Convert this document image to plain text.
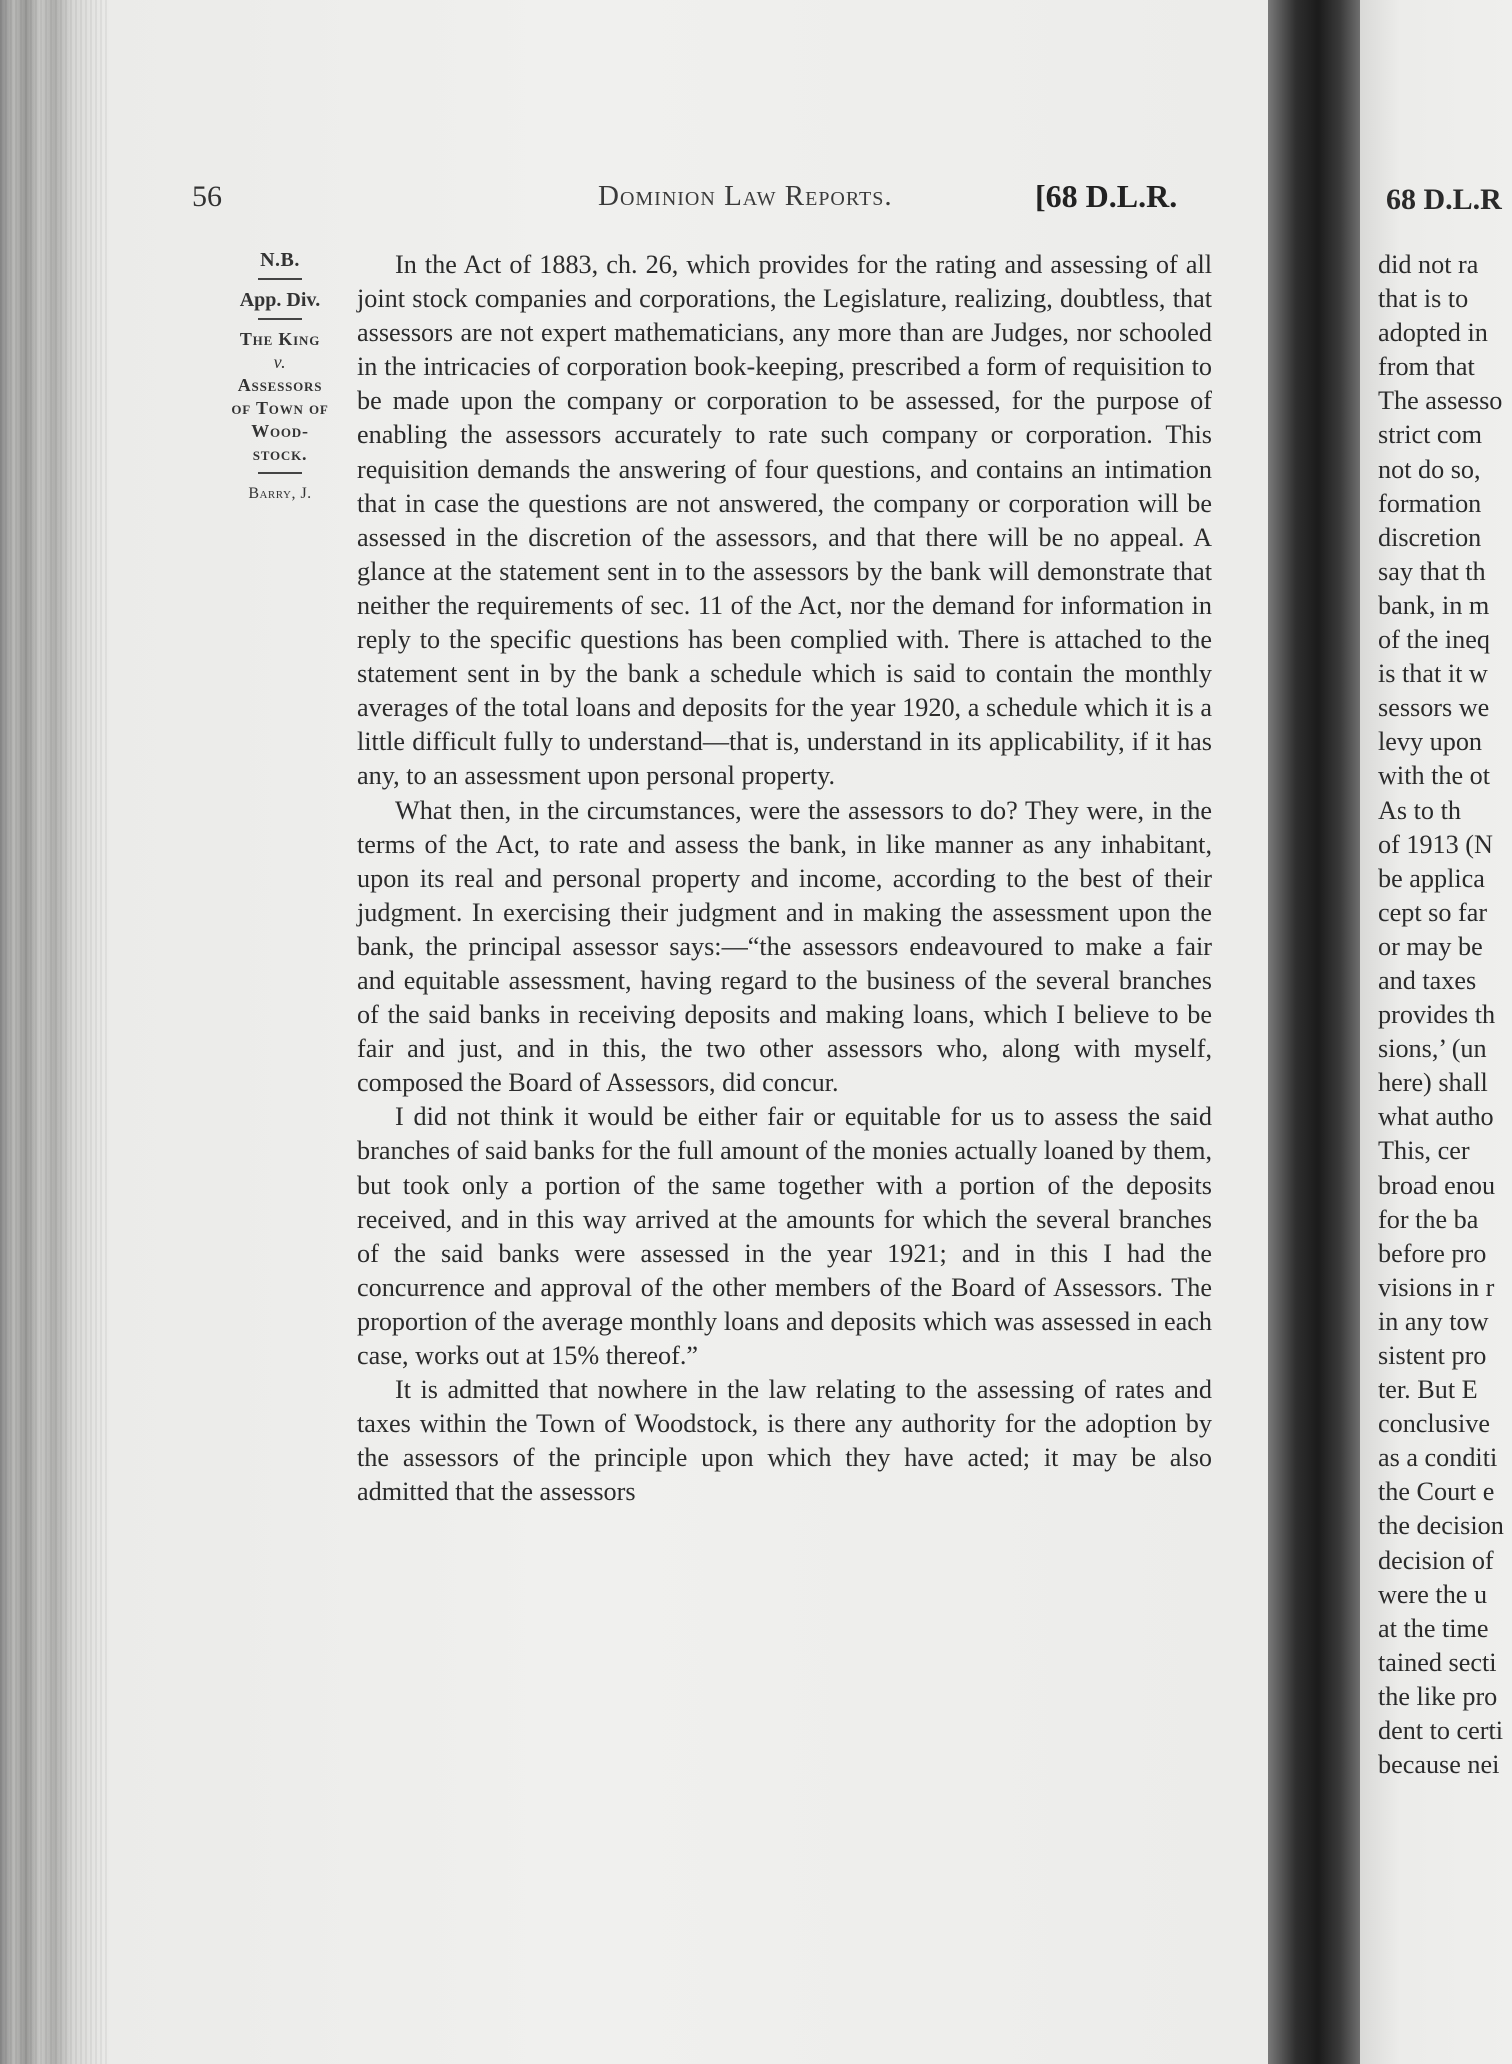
68 D.L.R
did not ra
that is to
adopted in
from that
The assesso
strict com
not do so,
formation
discretion
say that th
bank, in m
of the ineq
is that it w
sessors we
levy upon
with the ot
As to th
of 1913 (N
be applica
cept so far
or may be
and taxes
provides th
sions,’ (un
here) shall
what autho
This, cer
broad enou
for the ba
before pro
visions in r
in any tow
sistent pro
ter. But E
conclusive
as a conditi
the Court e
the decision
decision of
were the u
at the time
tained secti
the like pro
dent to certi
because nei
56	Dominion Law Reports.	[68 D.L.R.
N.B.
App. Div.
The King
v.
Assessors
of Town of
Wood-
stock.
Barry, J.

In the Act of 1883, ch. 26, which provides for the rating and assessing of all joint stock companies and corporations, the Legislature, realizing, doubtless, that assessors are not expert mathematicians, any more than are Judges, nor schooled in the intricacies of corporation book-keeping, prescribed a form of requisition to be made upon the company or corporation to be assessed, for the purpose of enabling the assessors accurately to rate such company or corporation. This requisition demands the answering of four questions, and contains an intimation that in case the questions are not answered, the company or corporation will be assessed in the discretion of the assessors, and that there will be no appeal. A glance at the statement sent in to the assessors by the bank will demonstrate that neither the requirements of sec. 11 of the Act, nor the demand for information in reply to the specific questions has been complied with. There is attached to the statement sent in by the bank a schedule which is said to contain the monthly averages of the total loans and deposits for the year 1920, a schedule which it is a little difficult fully to understand—that is, understand in its applicability, if it has any, to an assessment upon personal property.

What then, in the circumstances, were the assessors to do? They were, in the terms of the Act, to rate and assess the bank, in like manner as any inhabitant, upon its real and personal property and income, according to the best of their judgment. In exercising their judgment and in making the assessment upon the bank, the principal assessor says:—“the assessors endeavoured to make a fair and equitable assessment, having regard to the business of the several branches of the said banks in receiving deposits and making loans, which I believe to be fair and just, and in this, the two other assessors who, along with myself, composed the Board of Assessors, did concur.

I did not think it would be either fair or equitable for us to assess the said branches of said banks for the full amount of the monies actually loaned by them, but took only a portion of the same together with a portion of the deposits received, and in this way arrived at the amounts for which the several branches of the said banks were assessed in the year 1921; and in this I had the concurrence and approval of the other members of the Board of Assessors. The proportion of the average monthly loans and deposits which was assessed in each case, works out at 15% thereof.”

It is admitted that nowhere in the law relating to the assessing of rates and taxes within the Town of Woodstock, is there any authority for the adoption by the assessors of the principle upon which they have acted; it may be also admitted that the assessors
